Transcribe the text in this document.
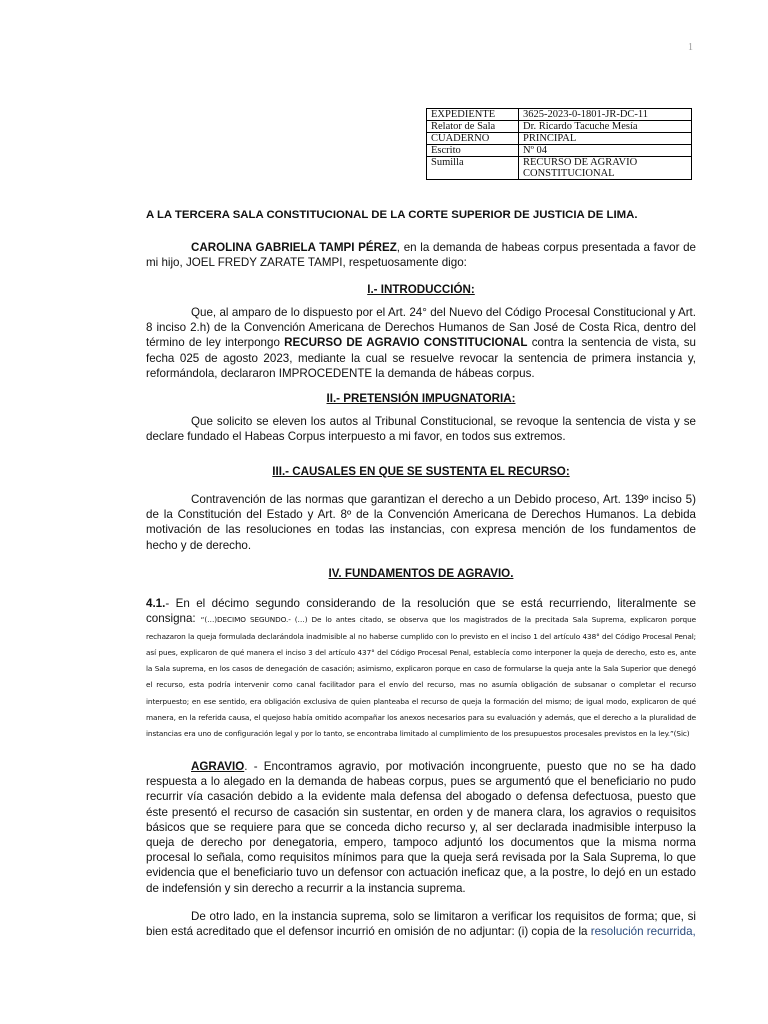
1
EXPEDIENTE	3625-2023-0-1801-JR-DC-11
Relator de Sala	Dr. Ricardo Tacuche Mesía
CUADERNO	PRINCIPAL
Escrito	Nº 04
Sumilla	RECURSO DE AGRAVIO CONSTITUCIONAL
A LA TERCERA SALA CONSTITUCIONAL DE LA CORTE SUPERIOR DE JUSTICIA DE LIMA.

CAROLINA GABRIELA TAMPI PÉREZ, en la demanda de habeas corpus presentada a favor de mi hijo, JOEL FREDY ZARATE TAMPI, respetuosamente digo:

I.- INTRODUCCIÓN:

Que, al amparo de lo dispuesto por el Art. 24° del Nuevo del Código Procesal Constitucional y Art. 8 inciso 2.h) de la Convención Americana de Derechos Humanos de San José de Costa Rica, dentro del término de ley interpongo RECURSO DE AGRAVIO CONSTITUCIONAL contra la sentencia de vista, su fecha 025 de agosto 2023, mediante la cual se resuelve revocar la sentencia de primera instancia y, reformándola, declararon IMPROCEDENTE la demanda de hábeas corpus.

II.- PRETENSIÓN IMPUGNATORIA:

Que solicito se eleven los autos al Tribunal Constitucional, se revoque la sentencia de vista y se declare fundado el Habeas Corpus interpuesto a mi favor, en todos sus extremos.

III.- CAUSALES EN QUE SE SUSTENTA EL RECURSO:

Contravención de las normas que garantizan el derecho a un Debido proceso, Art. 139º inciso 5) de la Constitución del Estado y Art. 8º de la Convención Americana de Derechos Humanos. La debida motivación de las resoluciones en todas las instancias, con expresa mención de los fundamentos de hecho y de derecho.

IV. FUNDAMENTOS DE AGRAVIO.

4.1.- En el décimo segundo considerando de la resolución que se está recurriendo, literalmente se consigna: “(…)DECIMO SEGUNDO.- (…) De lo antes citado, se observa que los magistrados de la precitada Sala Suprema, explicaron porque rechazaron la queja formulada declarándola inadmisible al no haberse cumplido con lo previsto en el inciso 1 del artículo 438° del Código Procesal Penal; así pues, explicaron de qué manera el inciso 3 del artículo 437° del Código Procesal Penal, establecía como interponer la queja de derecho, esto es, ante la Sala suprema, en los casos de denegación de casación; asimismo, explicaron porque en caso de formularse la queja ante la Sala Superior que denegó el recurso, esta podría intervenir como canal facilitador para el envío del recurso, mas no asumía obligación de subsanar o completar el recurso interpuesto; en ese sentido, era obligación exclusiva de quien planteaba el recurso de queja la formación del mismo; de igual modo, explicaron de qué manera, en la referida causa, el quejoso había omitido acompañar los anexos necesarios para su evaluación y además, que el derecho a la pluralidad de instancias era uno de configuración legal y por lo tanto, se encontraba limitado al cumplimiento de los presupuestos procesales previstos en la ley.”(Sic)

AGRAVIO. - Encontramos agravio, por motivación incongruente, puesto que no se ha dado respuesta a lo alegado en la demanda de habeas corpus, pues se argumentó que el beneficiario no pudo recurrir vía casación debido a la evidente mala defensa del abogado o defensa defectuosa, puesto que éste presentó el recurso de casación sin sustentar, en orden y de manera clara, los agravios o requisitos básicos que se requiere para que se conceda dicho recurso y, al ser declarada inadmisible interpuso la queja de derecho por denegatoria, empero, tampoco adjuntó los documentos que la misma norma procesal lo señala, como requisitos mínimos para que la queja será revisada por la Sala Suprema, lo que evidencia que el beneficiario tuvo un defensor con actuación ineficaz que, a la postre, lo dejó en un estado de indefensión y sin derecho a recurrir a la instancia suprema.

De otro lado, en la instancia suprema, solo se limitaron a verificar los requisitos de forma; que, si bien está acreditado que el defensor incurrió en omisión de no adjuntar: (i) copia de la resolución recurrida,
